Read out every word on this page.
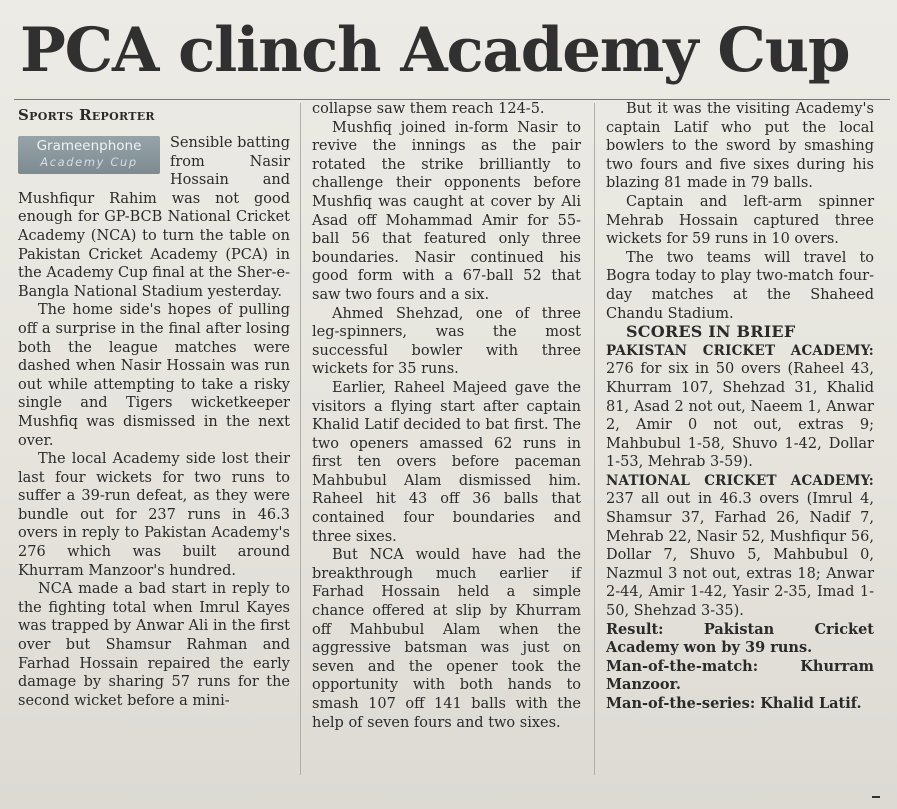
PCA clinch Academy Cup
Sports Reporter
Grameenphone
Academy Cup

Sensible batting from Nasir Hossain and Mushfiqur Rahim was not good enough for GP-BCB National Cricket Academy (NCA) to turn the table on Pakistan Cricket Academy (PCA) in the Academy Cup final at the Sher-e-Bangla National Stadium yesterday.

The home side's hopes of pulling off a surprise in the final after losing both the league matches were dashed when Nasir Hossain was run out while attempting to take a risky single and Tigers wicketkeeper Mushfiq was dismissed in the next over.

The local Academy side lost their last four wickets for two runs to suffer a 39-run defeat, as they were bundle out for 237 runs in 46.3 overs in reply to Pakistan Academy's 276 which was built around Khurram Manzoor's hundred.

NCA made a bad start in reply to the fighting total when Imrul Kayes was trapped by Anwar Ali in the first over but Shamsur Rahman and Farhad Hossain repaired the early damage by sharing 57 runs for the second wicket before a mini-

collapse saw them reach 124-5.

Mushfiq joined in-form Nasir to revive the innings as the pair rotated the strike brilliantly to challenge their opponents before Mushfiq was caught at cover by Ali Asad off Mohammad Amir for 55-ball 56 that featured only three boundaries. Nasir continued his good form with a 67-ball 52 that saw two fours and a six.

Ahmed Shehzad, one of three leg-spinners, was the most successful bowler with three wickets for 35 runs.

Earlier, Raheel Majeed gave the visitors a flying start after captain Khalid Latif decided to bat first. The two openers amassed 62 runs in first ten overs before paceman Mahbubul Alam dismissed him. Raheel hit 43 off 36 balls that contained four boundaries and three sixes.

But NCA would have had the breakthrough much earlier if Farhad Hossain held a simple chance offered at slip by Khurram off Mahbubul Alam when the aggressive batsman was just on seven and the opener took the opportunity with both hands to smash 107 off 141 balls with the help of seven fours and two sixes.

But it was the visiting Academy's captain Latif who put the local bowlers to the sword by smashing two fours and five sixes during his blazing 81 made in 79 balls.

Captain and left-arm spinner Mehrab Hossain captured three wickets for 59 runs in 10 overs.

The two teams will travel to Bogra today to play two-match four-day matches at the Shaheed Chandu Stadium.

SCORES IN BRIEF

PAKISTAN CRICKET ACADEMY: 276 for six in 50 overs (Raheel 43, Khurram 107, Shehzad 31, Khalid 81, Asad 2 not out, Naeem 1, Anwar 2, Amir 0 not out, extras 9; Mahbubul 1-58, Shuvo 1-42, Dollar 1-53, Mehrab 3-59).

NATIONAL CRICKET ACADEMY: 237 all out in 46.3 overs (Imrul 4, Shamsur 37, Farhad 26, Nadif 7, Mehrab 22, Nasir 52, Mushfiqur 56, Dollar 7, Shuvo 5, Mahbubul 0, Nazmul 3 not out, extras 18; Anwar 2-44, Amir 1-42, Yasir 2-35, Imad 1-50, Shehzad 3-35).

Result: Pakistan Cricket Academy won by 39 runs.

Man-of-the-match: Khurram Manzoor.

Man-of-the-series: Khalid Latif.
